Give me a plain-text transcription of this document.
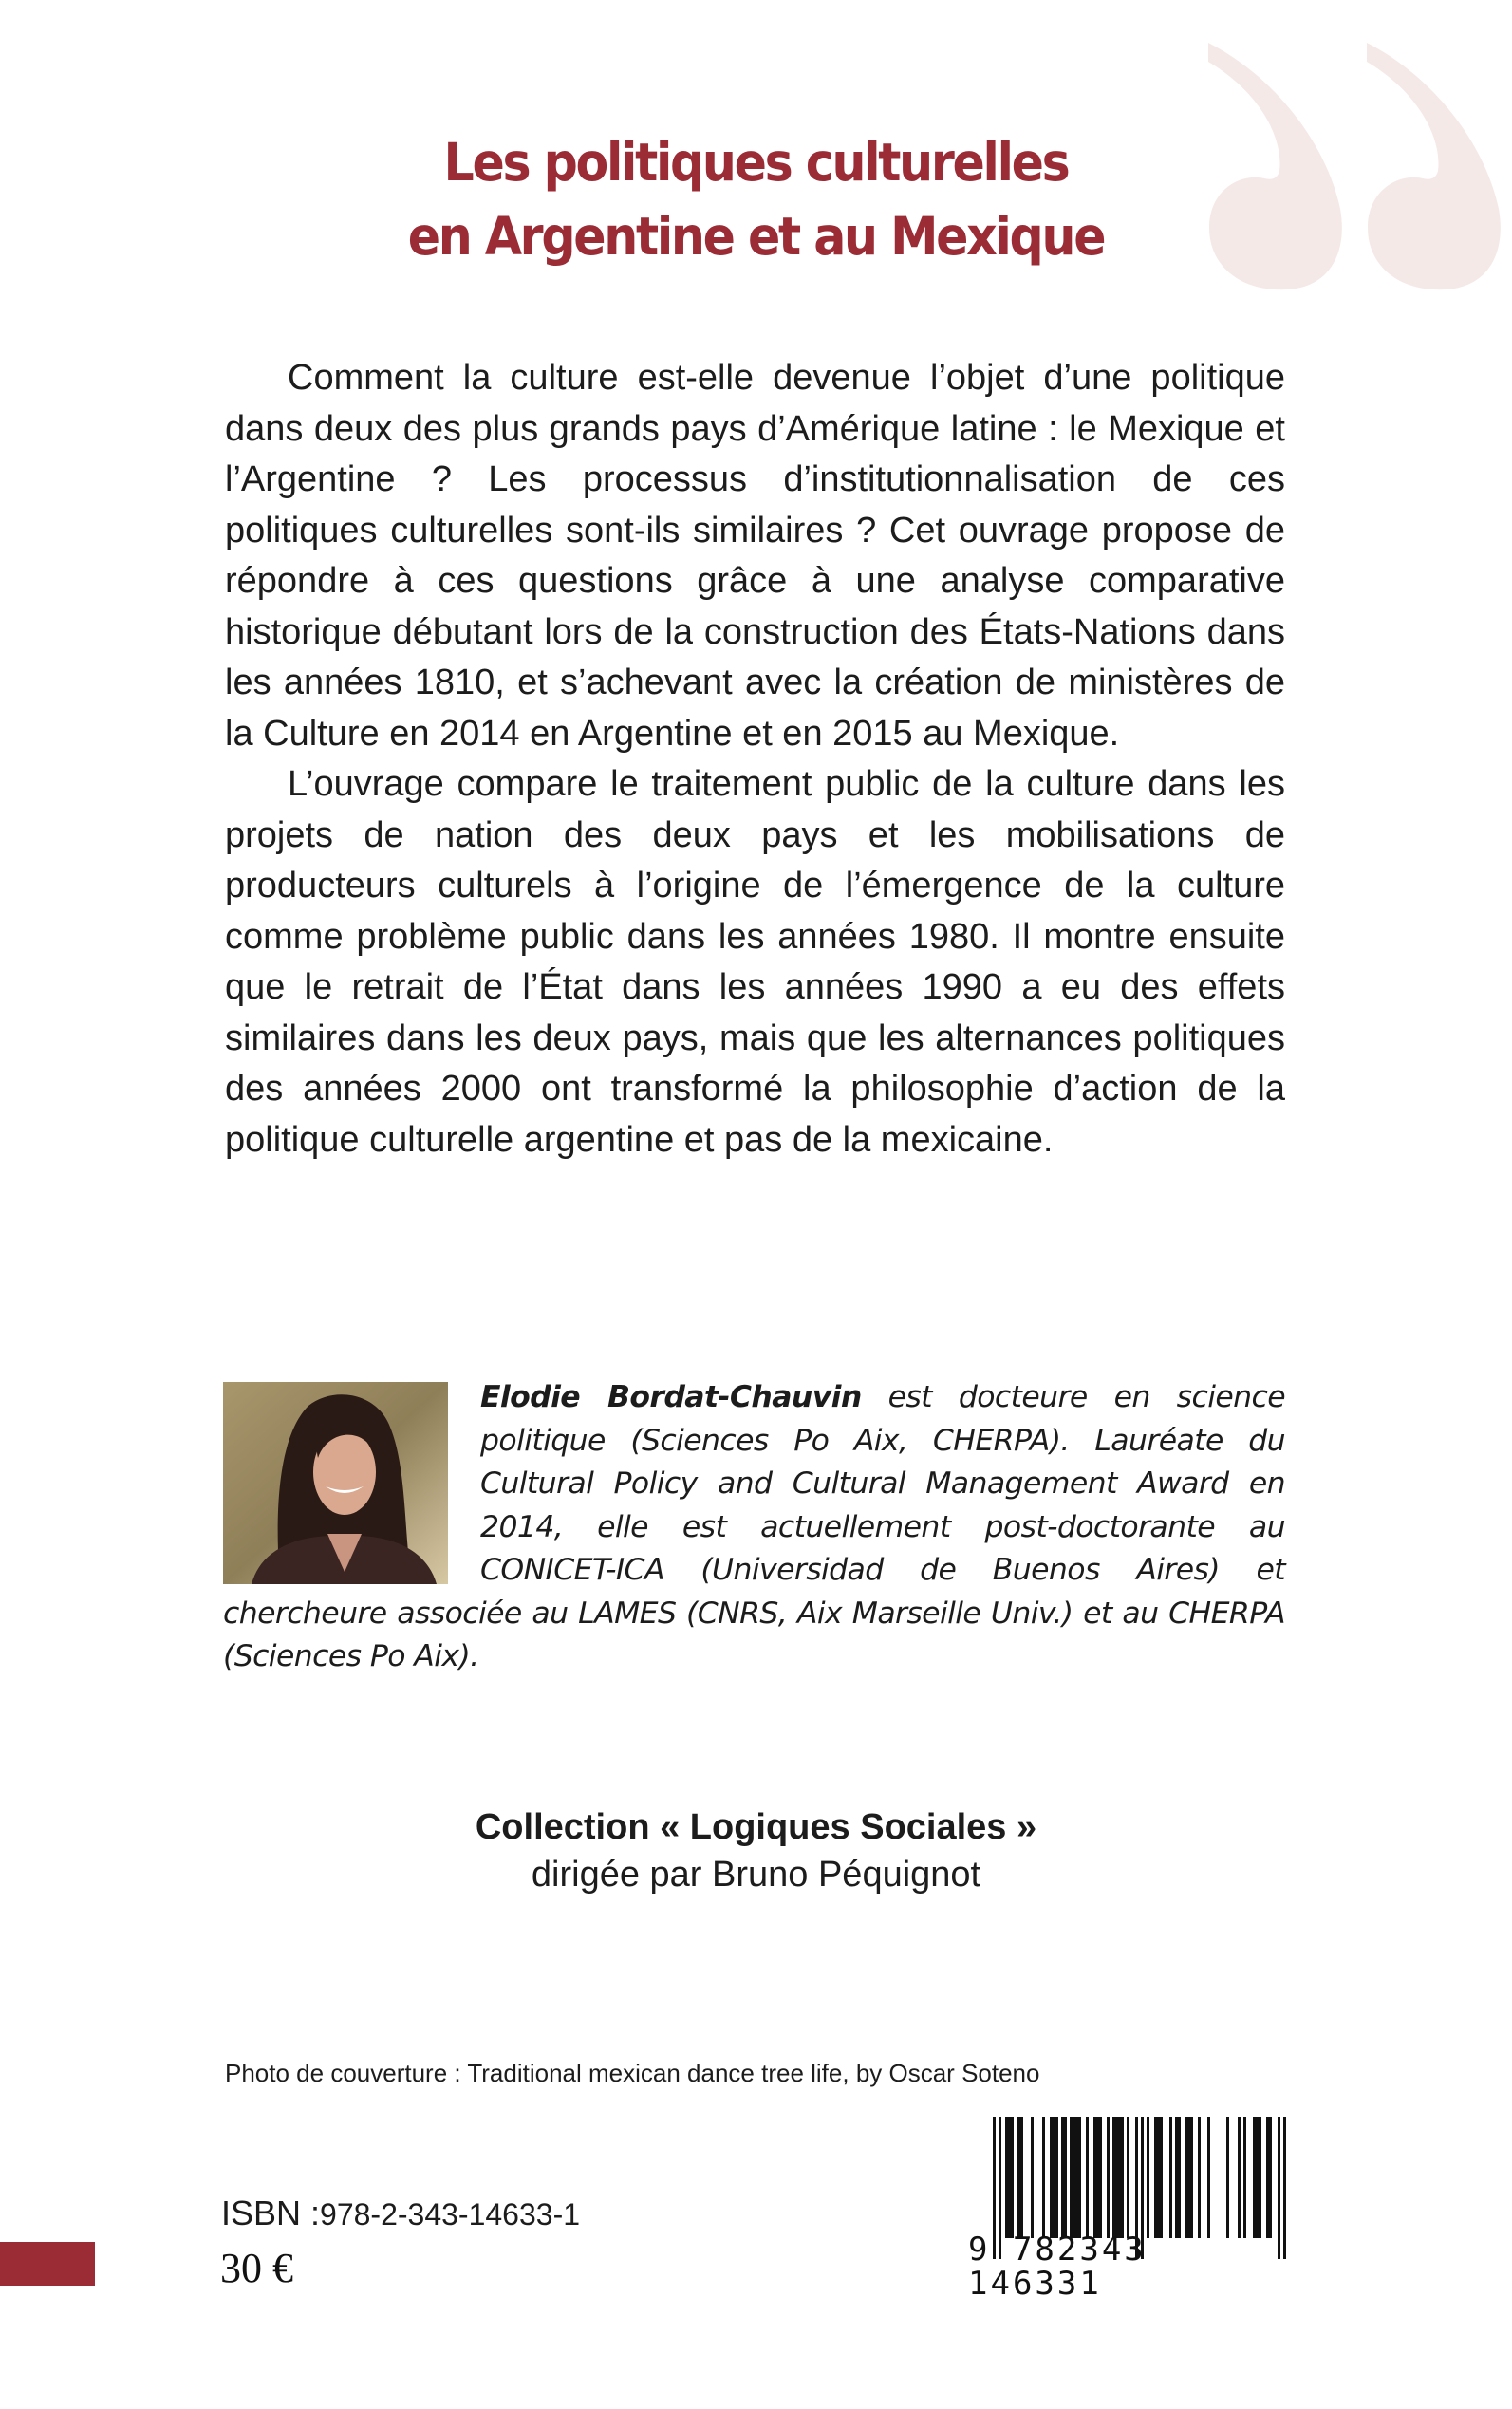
Les politiques culturelles
en Argentine et au Mexique

Comment la culture est-elle devenue l’objet d’une politique dans deux des plus grands pays d’Amérique latine : le Mexique et l’Argentine ? Les processus d’institutionnalisation de ces politiques culturelles sont-ils similaires ? Cet ouvrage propose de répondre à ces questions grâce à une analyse comparative historique débutant lors de la construction des États-Nations dans les années 1810, et s’achevant avec la création de ministères de la Culture en 2014 en Argentine et en 2015 au Mexique.

L’ouvrage compare le traitement public de la culture dans les projets de nation des deux pays et les mobilisations de producteurs culturels à l’origine de l’émergence de la culture comme problème public dans les années 1980. Il montre ensuite que le retrait de l’État dans les années 1990 a eu des effets similaires dans les deux pays, mais que les alternances politiques des années 2000 ont transformé la philosophie d’action de la politique culturelle argentine et pas de la mexicaine.

Elodie Bordat-Chauvin est docteure en science politique (Sciences Po Aix, CHERPA). Lauréate du Cultural Policy and Cultural Management Award en 2014, elle est actuellement post-doctorante au CONICET-ICA (Universidad de Buenos Aires) et chercheure associée au LAMES (CNRS, Aix Marseille Univ.) et au CHERPA (Sciences Po Aix).
Collection « Logiques Sociales »
dirigée par Bruno Péquignot
Photo de couverture : Traditional mexican dance tree life, by Oscar Soteno
9 782343 146331
ISBN :978-2-343-14633-1
30 €
